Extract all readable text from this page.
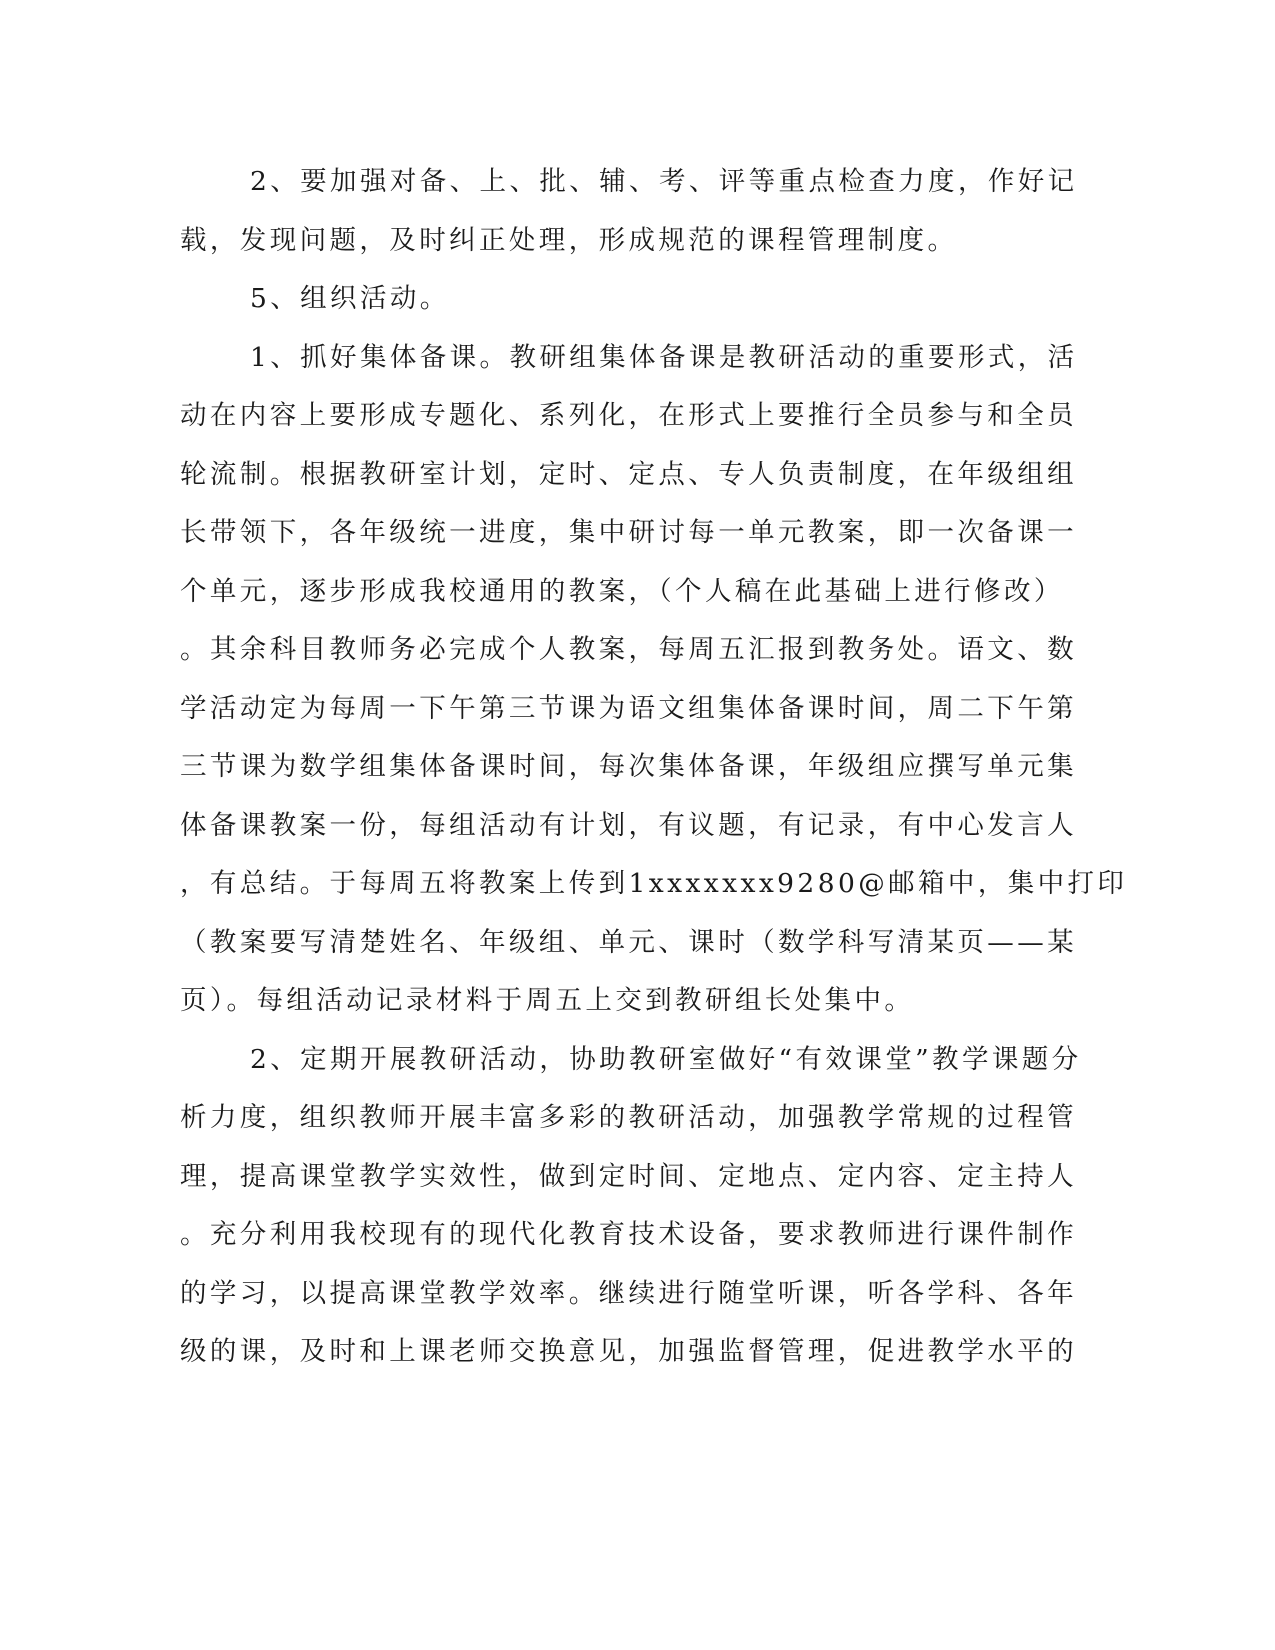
2、要加强对备、上、批、辅、考、评等重点检查力度，作好记
载，发现问题，及时纠正处理，形成规范的课程管理制度。
5、组织活动。
1、抓好集体备课。教研组集体备课是教研活动的重要形式，活
动在内容上要形成专题化、系列化，在形式上要推行全员参与和全员
轮流制。根据教研室计划，定时、定点、专人负责制度，在年级组组
长带领下，各年级统一进度，集中研讨每一单元教案，即一次备课一
个单元，逐步形成我校通用的教案，（个人稿在此基础上进行修改）
。其余科目教师务必完成个人教案，每周五汇报到教务处。语文、数
学活动定为每周一下午第三节课为语文组集体备课时间，周二下午第
三节课为数学组集体备课时间，每次集体备课，年级组应撰写单元集
体备课教案一份，每组活动有计划，有议题，有记录，有中心发言人
，有总结。于每周五将教案上传到1xxxxxxx9280@邮箱中，集中打印
（教案要写清楚姓名、年级组、单元、课时（数学科写清某页——某
页）。每组活动记录材料于周五上交到教研组长处集中。
2、定期开展教研活动，协助教研室做好“有效课堂”教学课题分
析力度，组织教师开展丰富多彩的教研活动，加强教学常规的过程管
理，提高课堂教学实效性，做到定时间、定地点、定内容、定主持人
。充分利用我校现有的现代化教育技术设备，要求教师进行课件制作
的学习，以提高课堂教学效率。继续进行随堂听课，听各学科、各年
级的课，及时和上课老师交换意见，加强监督管理，促进教学水平的
